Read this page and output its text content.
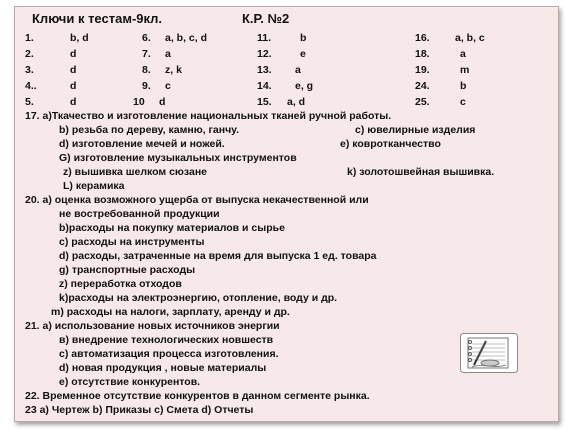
Ключи к тестам-9кл.	К.Р. №2
1.	b, d	6. a, b, c, d	11.	b	16. a, b, c
2.	d	7. a	12.	e	18.	a
3.	d	8. z, k	13. a	19.	m
4..	d	9. c	14. e, g	24.	b
5.	d	10 d	15. a, d	25.	c
17. a)Ткачество и изготовление национальных тканей ручной работы.
b) резьба по дереву, камню, ганчу.	c) ювелирные изделия
d) изготовление мечей и ножей.	e) ковротканчество
G) изготовление музыкальных инструментов
z) вышивка шелком сюзане	k) золотошвейная вышивка.
L) керамика
20. a) оценка возможного ущерба от выпуска некачественной или
не востребованной продукции
b)расходы на покупку материалов и сырье
c) расходы на инструменты
d) расходы, затраченные на время для выпуска 1 ед. товара
g) транспортные расходы
z) переработка отходов
k)расходы на электроэнергию, отопление, воду и др.
m) расходы на налоги, зарплату, аренду и др.
21. a) использование новых источников энергии
в) внедрение технологических новшеств
c) автоматизация процесса изготовления.
d) новая продукция , новые материалы
e) отсутствие конкурентов.
22. Временное отсутствие конкурентов в данном сегменте рынка.
23 a) Чертеж b) Приказы c) Смета d) Отчеты
